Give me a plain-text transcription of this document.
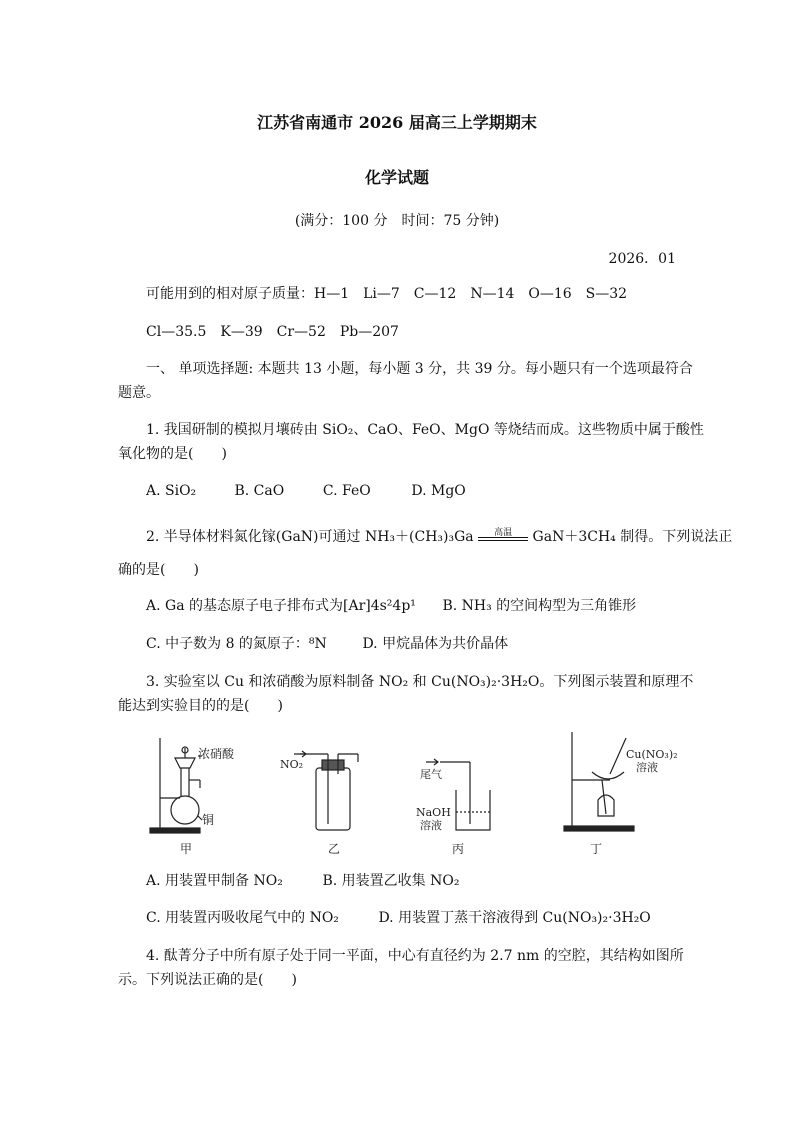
江苏省南通市 2026 届高三上学期期末
化学试题
(满分：100 分　时间：75 分钟)
2026．01
可能用到的相对原子质量：H—1　Li—7　C—12　N—14　O—16　S—32
Cl—35.5　K—39　Cr—52　Pb—207
一、 单项选择题: 本题共 13 小题，每小题 3 分，共 39 分。每小题只有一个选项最符合
题意。
1. 我国研制的模拟月壤砖由 SiO₂、CaO、FeO、MgO 等烧结而成。这些物质中属于酸性
氧化物的是(　　)
A. SiO₂	B. CaO	C. FeO	D. MgO
2. 半导体材料氮化镓(GaN)可通过 NH₃＋(CH₃)₃Ga	高温	GaN＋3CH₄ 制得。下列说法正
确的是(　　)
A. Ga 的基态原子电子排布式为[Ar]4s²4p¹ B. NH₃ 的空间构型为三角锥形
C. 中子数为 8 的氮原子：⁸N	D. 甲烷晶体为共价晶体
3. 实验室以 Cu 和浓硝酸为原料制备 NO₂ 和 Cu(NO₃)₂·3H₂O。下列图示装置和原理不
能达到实验目的的是(　　)
浓硝酸
铜
甲
NO₂
乙
尾气
NaOH
溶液
丙
Cu(NO₃)₂
溶液
丁
A. 用装置甲制备 NO₂	B. 用装置乙收集 NO₂
C. 用装置丙吸收尾气中的 NO₂	D. 用装置丁蒸干溶液得到 Cu(NO₃)₂·3H₂O
4. 酞菁分子中所有原子处于同一平面，中心有直径约为 2.7 nm 的空腔，其结构如图所
示。下列说法正确的是(　　)
